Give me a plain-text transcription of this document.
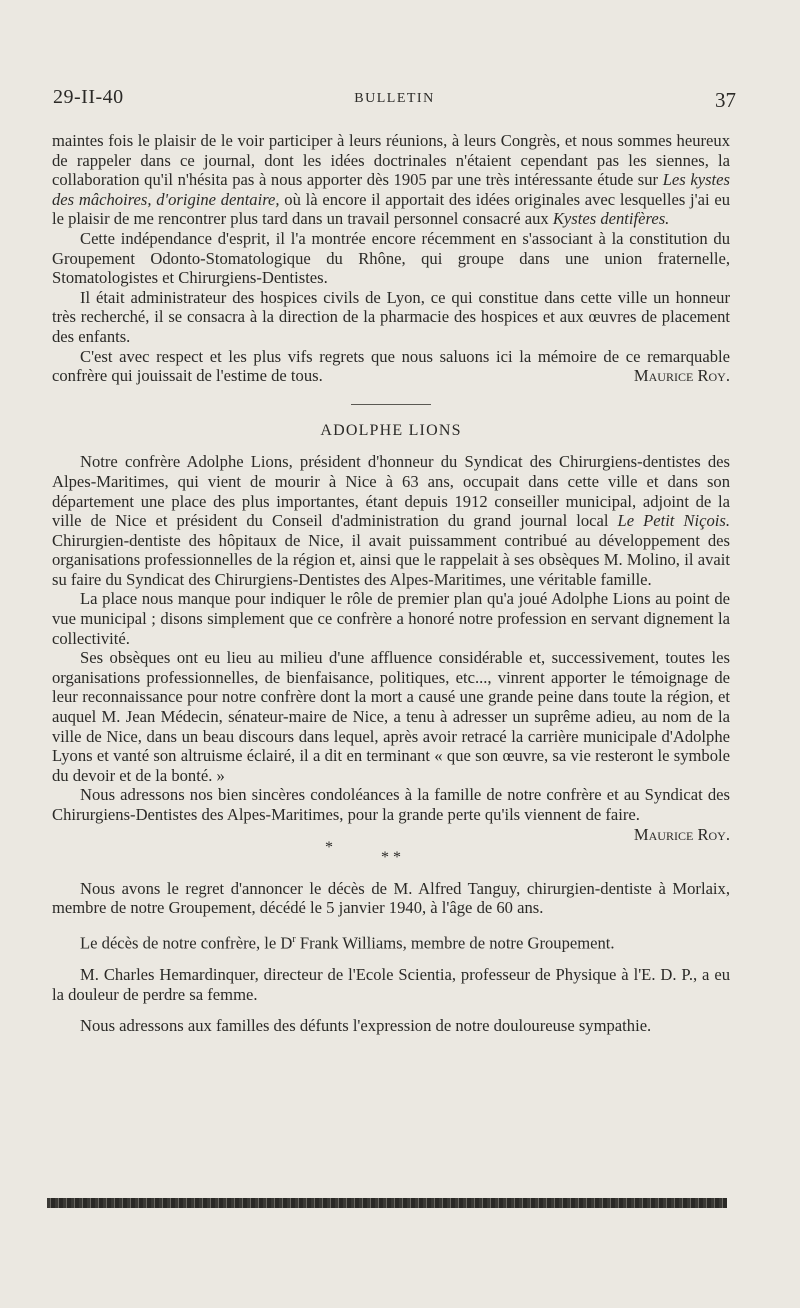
29-II-40	BULLETIN	37

maintes fois le plaisir de le voir participer à leurs réunions, à leurs Congrès, et nous sommes heureux de rappeler dans ce journal, dont les idées doctrinales n'étaient cependant pas les siennes, la collaboration qu'il n'hésita pas à nous apporter dès 1905 par une très intéressante étude sur Les kystes des mâchoires, d'origine dentaire, où là encore il apportait des idées originales avec lesquelles j'ai eu le plaisir de me rencontrer plus tard dans un travail personnel consacré aux Kystes dentifères.

Cette indépendance d'esprit, il l'a montrée encore récemment en s'associant à la constitution du Groupement Odonto-Stomatologique du Rhône, qui groupe dans une union fraternelle, Stomatologistes et Chirurgiens-Dentistes.

Il était administrateur des hospices civils de Lyon, ce qui constitue dans cette ville un honneur très recherché, il se consacra à la direction de la pharmacie des hospices et aux œuvres de placement des enfants.

C'est avec respect et les plus vifs regrets que nous saluons ici la mémoire de ce remarquable confrère qui jouissait de l'estime de tous.	Maurice Roy.

ADOLPHE LIONS

Notre confrère Adolphe Lions, président d'honneur du Syndicat des Chirurgiens-dentistes des Alpes-Maritimes, qui vient de mourir à Nice à 63 ans, occupait dans cette ville et dans son département une place des plus importantes, étant depuis 1912 conseiller municipal, adjoint de la ville de Nice et président du Conseil d'administration du grand journal local Le Petit Niçois. Chirurgien-dentiste des hôpitaux de Nice, il avait puissamment contribué au développement des organisations professionnelles de la région et, ainsi que le rappelait à ses obsèques M. Molino, il avait su faire du Syndicat des Chirurgiens-Dentistes des Alpes-Maritimes, une véritable famille.

La place nous manque pour indiquer le rôle de premier plan qu'a joué Adolphe Lions au point de vue municipal ; disons simplement que ce confrère a honoré notre profession en servant dignement la collectivité.

Ses obsèques ont eu lieu au milieu d'une affluence considérable et, successivement, toutes les organisations professionnelles, de bienfaisance, politiques, etc..., vinrent apporter le témoignage de leur reconnaissance pour notre confrère dont la mort a causé une grande peine dans toute la région, et auquel M. Jean Médecin, sénateur-maire de Nice, a tenu à adresser un suprême adieu, au nom de la ville de Nice, dans un beau discours dans lequel, après avoir retracé la carrière municipale d'Adolphe Lyons et vanté son altruisme éclairé, il a dit en terminant « que son œuvre, sa vie resteront le symbole du devoir et de la bonté. »

Nous adressons nos bien sincères condoléances à la famille de notre confrère et au Syndicat des Chirurgiens-Dentistes des Alpes-Maritimes, pour la grande perte qu'ils viennent de faire.
Maurice Roy.

*
* *

Nous avons le regret d'annoncer le décès de M. Alfred Tanguy, chirurgien-dentiste à Morlaix, membre de notre Groupement, décédé le 5 janvier 1940, à l'âge de 60 ans.

Le décès de notre confrère, le $D^r$ Frank Williams, membre de notre Groupement.

M. Charles Hemardinquer, directeur de l'Ecole Scientia, professeur de Physique à l'E. D. P., a eu la douleur de perdre sa femme.

Nous adressons aux familles des défunts l'expression de notre douloureuse sympathie.
